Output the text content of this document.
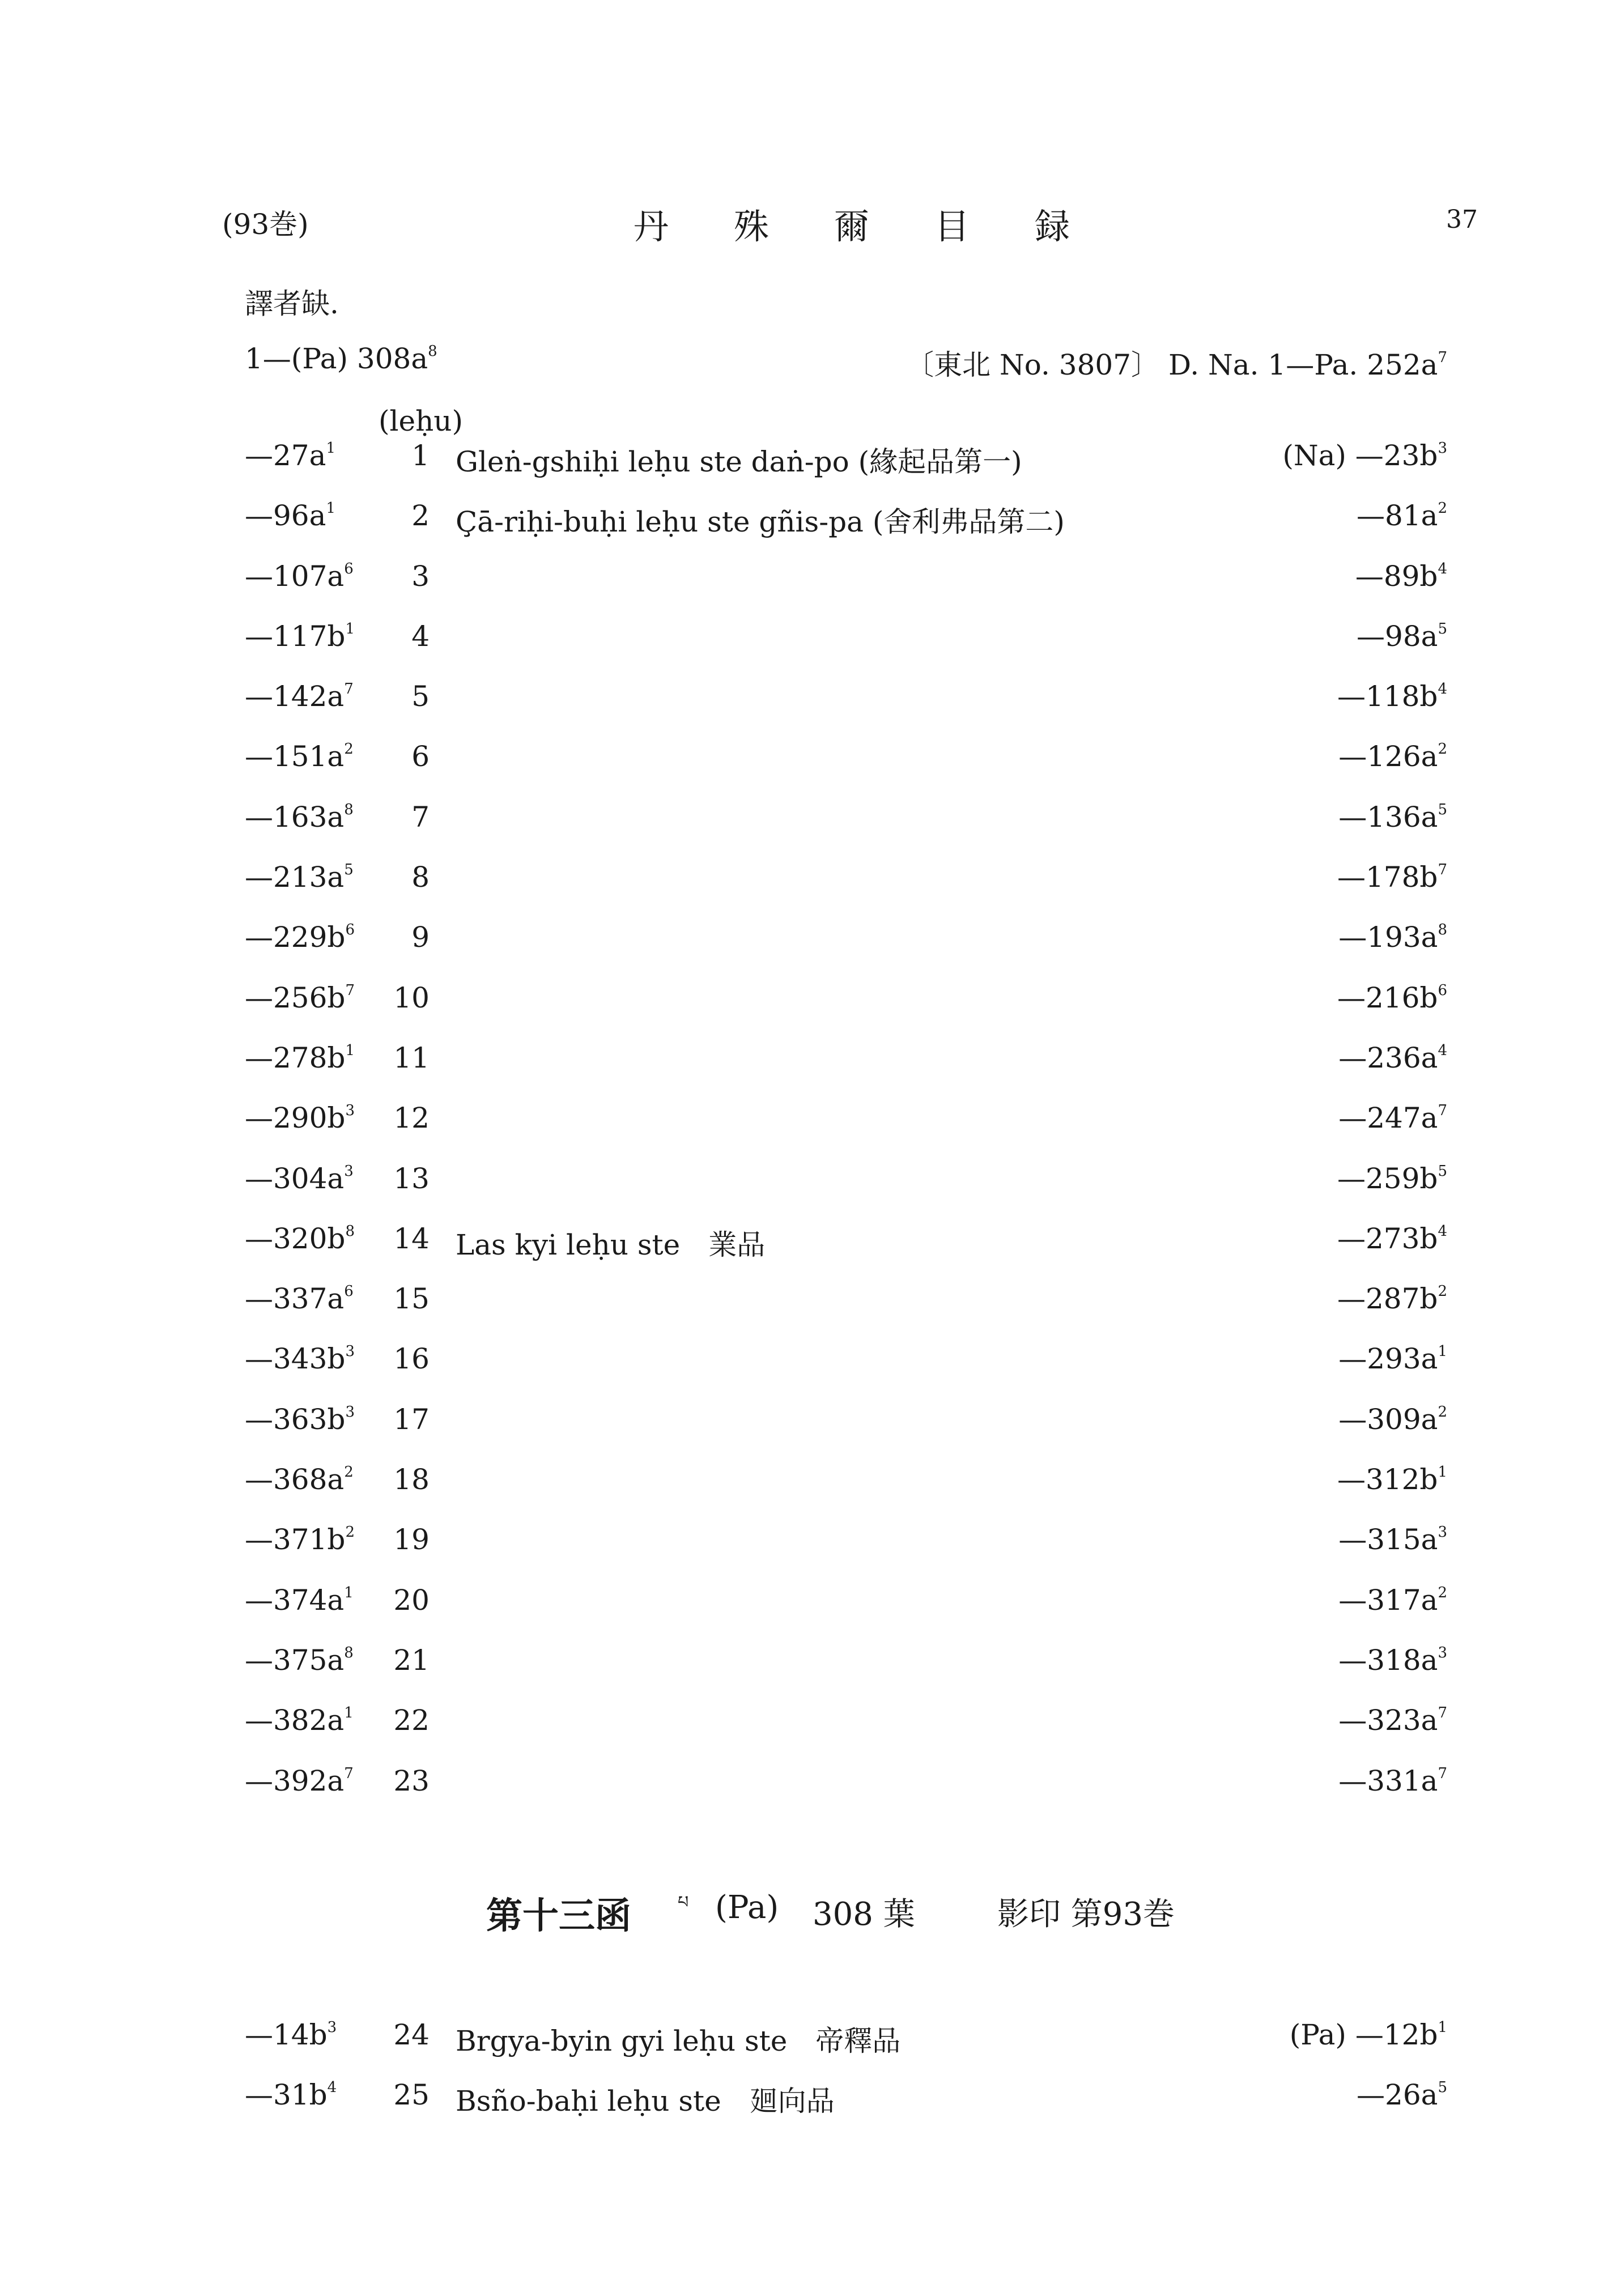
(93巻)	丹殊爾目録	37
譯者缺.
1—(Pa) $308a^8$	〔東北 No. 3807〕 D. Na. 1—Pa. $252a^7$
(leḥu)
$—27a^1$	1 Gleṅ-gshiḥi leḥu ste daṅ-po (緣起品第一)	(Na) $—23b^3$
$—96a^1$	2 Çā-riḥi-buḥi leḥu ste gñis-pa (舍利弗品第二)	$—81a^2$
$—107a^6$	3	$—89b^4$
$—117b^1$	4	$—98a^5$
$—142a^7$	5	$—118b^4$
$—151a^2$	6	$—126a^2$
$—163a^8$	7	$—136a^5$
$—213a^5$	8	$—178b^7$
$—229b^6$	9	$—193a^8$
$—256b^7$	10	$—216b^6$
$—278b^1$	11	$—236a^4$
$—290b^3$	12	$—247a^7$
$—304a^3$	13	$—259b^5$
$—320b^8$	14 Las kyi leḥu ste　業品	$—273b^4$
$—337a^6$	15	$—287b^2$
$—343b^3$	16	$—293a^1$
$—363b^3$	17	$—309a^2$
$—368a^2$	18	$—312b^1$
$—371b^2$	19	$—315a^3$
$—374a^1$	20	$—317a^2$
$—375a^8$	21	$—318a^3$
$—382a^1$	22	$—323a^7$
$—392a^7$	23	$—331a^7$
第十三函	པ (Pa) 308 葉	影印 第93巻
$—14b^3$	24 Brgya-byin gyi leḥu ste　帝釋品	(Pa) $—12b^1$
$—31b^4$	25 Bsño-baḥi leḥu ste　廻向品	$—26a^5$
